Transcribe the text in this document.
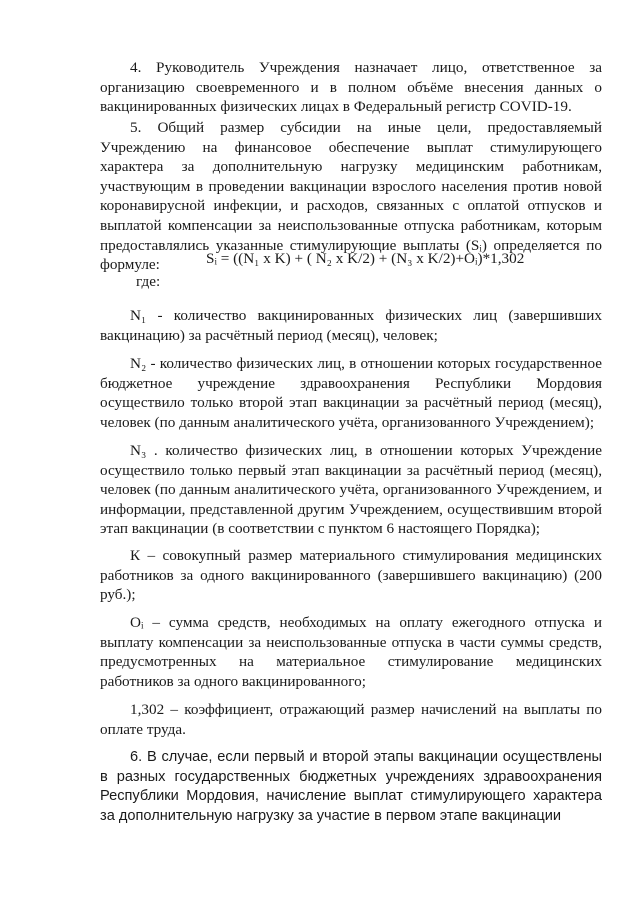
4. Руководитель Учреждения назначает лицо, ответственное за организацию своевременного и в полном объёме внесения данных о вакцинированных физических лицах в Федеральный регистр COVID-19.

5. Общий размер субсидии на иные цели, предоставляемый Учреждению на финансовое обеспечение выплат стимулирующего характера за дополнительную нагрузку медицинским работникам, участвующим в проведении вакцинации взрослого населения против новой коронавирусной инфекции, и расходов, связанных с оплатой отпусков и выплатой компенсации за неиспользованные отпуска работникам, которым предоставлялись указанные стимулирующие выплаты (Sᵢ) определяется по формуле:	Sᵢ = ((N₁ x K) + ( N₂ x K/2) + (N₃ x K/2)+Oᵢ)*1,302
где:

N₁ - количество вакцинированных физических лиц (завершивших вакцинацию) за расчётный период (месяц), человек;

N₂ - количество физических лиц, в отношении которых государственное бюджетное учреждение здравоохранения Республики Мордовия осуществило только второй этап вакцинации за расчётный период (месяц), человек (по данным аналитического учёта, организованного Учреждением);

N₃ . количество физических лиц, в отношении которых Учреждение осуществило только первый этап вакцинации за расчётный период (месяц), человек (по данным аналитического учёта, организованного Учреждением, и информации, представленной другим Учреждением, осуществившим второй этап вакцинации (в соответствии с пунктом 6 настоящего Порядка);

К – совокупный размер материального стимулирования медицинских работников за одного вакцинированного (завершившего вакцинацию) (200 руб.);

Oᵢ – сумма средств, необходимых на оплату ежегодного отпуска и выплату компенсации за неиспользованные отпуска в части суммы средств, предусмотренных на материальное стимулирование медицинских работников за одного вакцинированного;

1,302 – коэффициент, отражающий размер начислений на выплаты по оплате труда.

6. В случае, если первый и второй этапы вакцинации осуществлены в разных государственных бюджетных учреждениях здравоохранения Республики Мордовия, начисление выплат стимулирующего характера за дополнительную нагрузку за участие в первом этапе вакцинации
